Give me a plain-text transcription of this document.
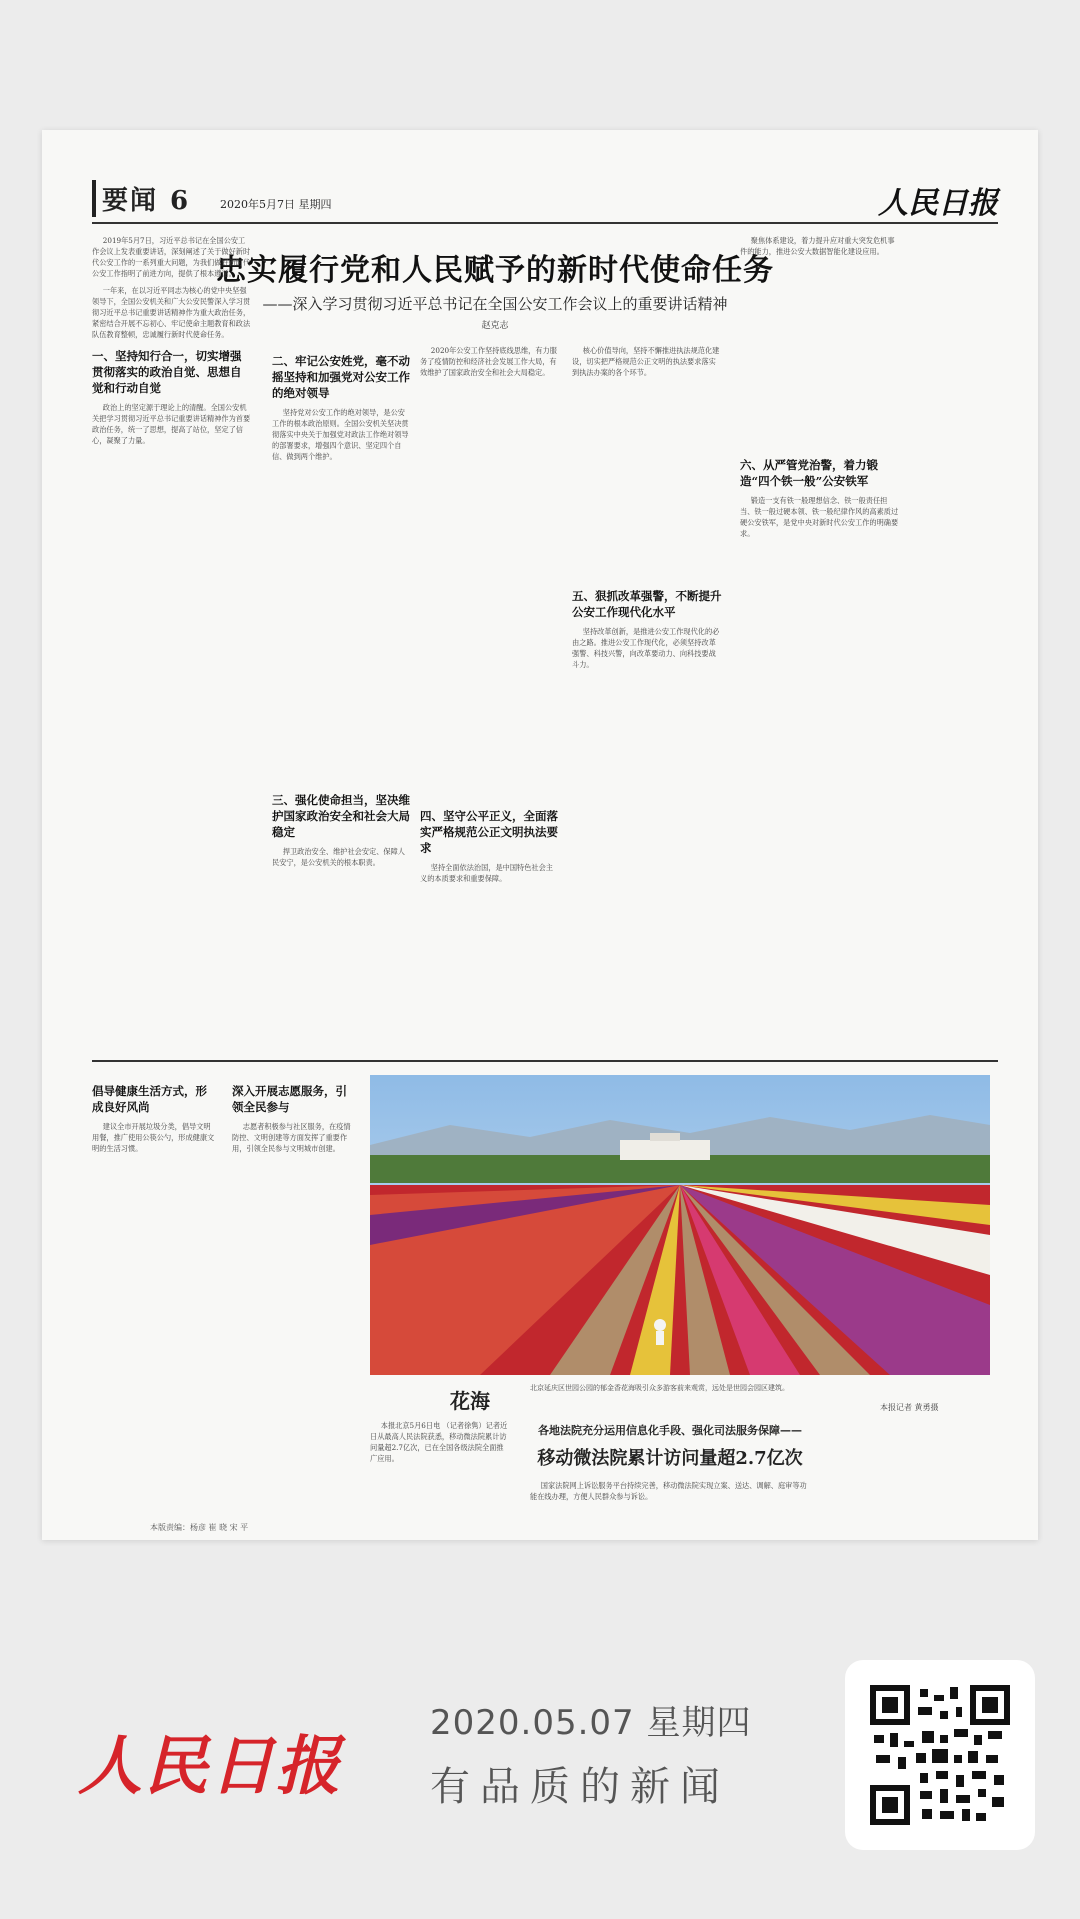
要闻 6	2020年5月7日 星期四	人民日报
忠实履行党和人民赋予的新时代使命任务
——深入学习贯彻习近平总书记在全国公安工作会议上的重要讲话精神
赵克志

2019年5月7日，习近平总书记在全国公安工作会议上发表重要讲话，深刻阐述了关于做好新时代公安工作的一系列重大问题，为我们做好新时代公安工作指明了前进方向，提供了根本遵循。

一年来，在以习近平同志为核心的党中央坚强领导下，全国公安机关和广大公安民警深入学习贯彻习近平总书记重要讲话精神作为重大政治任务，紧密结合开展不忘初心、牢记使命主题教育和政法队伍教育整顿，忠诚履行新时代使命任务。

一、坚持知行合一，切实增强贯彻落实的政治自觉、思想自觉和行动自觉

政治上的坚定源于理论上的清醒。全国公安机关把学习贯彻习近平总书记重要讲话精神作为首要政治任务，统一了思想，提高了站位，坚定了信心，凝聚了力量。

二、牢记公安姓党，毫不动摇坚持和加强党对公安工作的绝对领导

坚持党对公安工作的绝对领导，是公安工作的根本政治原则。全国公安机关坚决贯彻落实中央关于加强党对政法工作绝对领导的部署要求，增强四个意识、坚定四个自信、做到两个维护。

三、强化使命担当，坚决维护国家政治安全和社会大局稳定

捍卫政治安全、维护社会安定、保障人民安宁，是公安机关的根本职责。

2020年公安工作坚持底线思维，有力服务了疫情防控和经济社会发展工作大局，有效维护了国家政治安全和社会大局稳定。

四、坚守公平正义，全面落实严格规范公正文明执法要求

坚持全面依法治国，是中国特色社会主义的本质要求和重要保障。

核心价值导向，坚持不懈推进执法规范化建设，切实把严格规范公正文明的执法要求落实到执法办案的各个环节。

五、狠抓改革强警，不断提升公安工作现代化水平

坚持改革创新，是推进公安工作现代化的必由之路。推进公安工作现代化，必须坚持改革强警、科技兴警，向改革要动力、向科技要战斗力。

聚焦体系建设，着力提升应对重大突发危机事件的能力，推进公安大数据智能化建设应用。

六、从严管党治警，着力锻造“四个铁一般”公安铁军

锻造一支有铁一般理想信念、铁一般责任担当、铁一般过硬本领、铁一般纪律作风的高素质过硬公安铁军，是党中央对新时代公安工作的明确要求。

倡导健康生活方式，形成良好风尚

建议全市开展垃圾分类，倡导文明用餐，推广使用公筷公勺，形成健康文明的生活习惯。

深入开展志愿服务，引领全民参与

志愿者积极参与社区服务，在疫情防控、文明创建等方面发挥了重要作用，引领全民参与文明城市创建。

花海
北京延庆区世园公园的郁金香花海吸引众多游客前来观赏，远处是世园会园区建筑。
本报记者 黄勇摄

本报北京5月6日电 （记者徐隽）记者近日从最高人民法院获悉，移动微法院累计访问量超2.7亿次，已在全国各级法院全面推广应用。

各地法院充分运用信息化手段、强化司法服务保障——
移动微法院累计访问量超2.7亿次

国家法院网上诉讼服务平台持续完善，移动微法院实现立案、送达、调解、庭审等功能在线办理，方便人民群众参与诉讼。

本版责编：杨彦 崔 晓 宋 平
人民日报
2020.05.07 星期四
有品质的新闻
